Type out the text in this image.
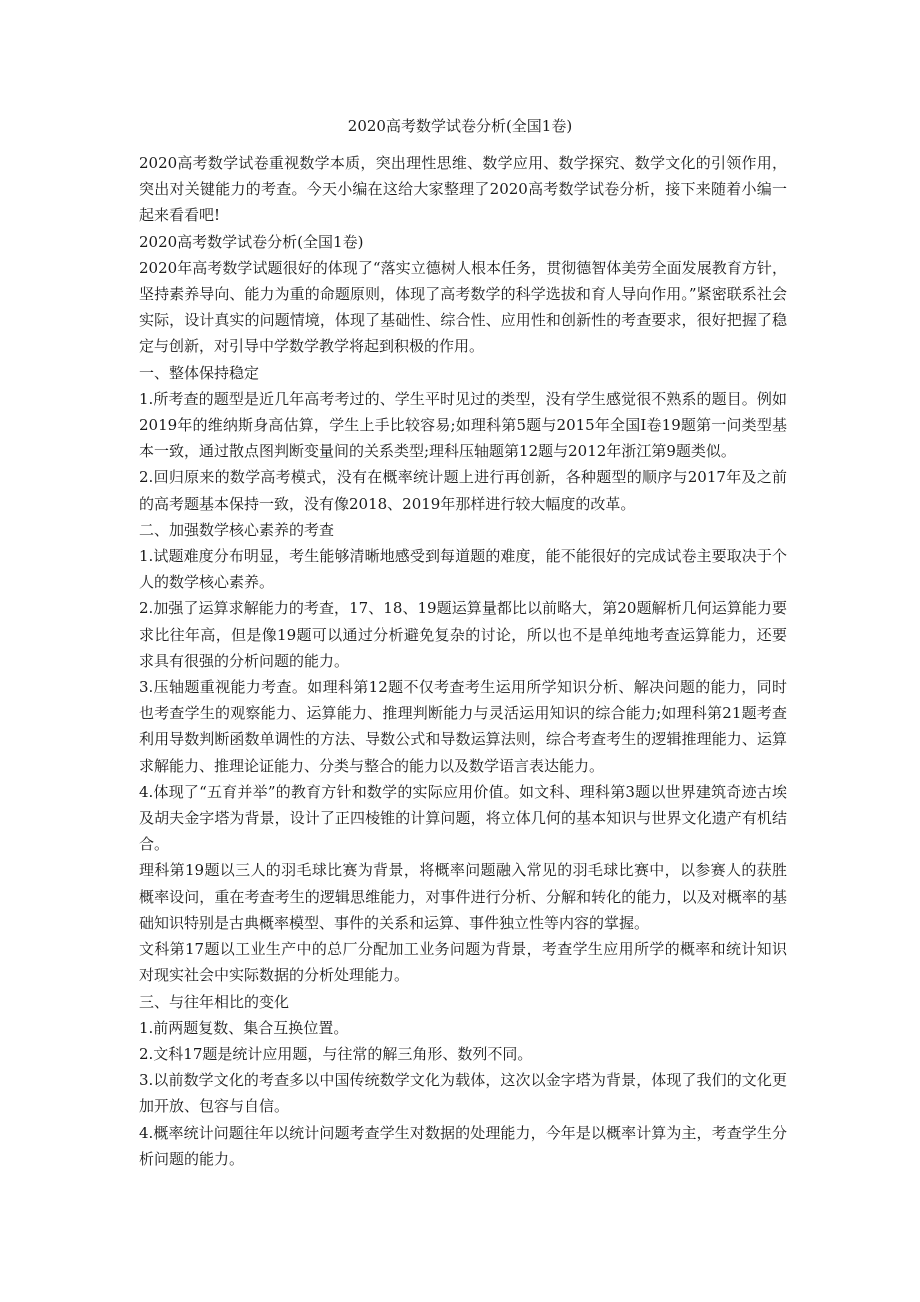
2020高考数学试卷分析(全国1卷)

2020高考数学试卷重视数学本质，突出理性思维、数学应用、数学探究、数学文化的引领作用，突出对关键能力的考查。今天小编在这给大家整理了2020高考数学试卷分析，接下来随着小编一起来看看吧!

2020高考数学试卷分析(全国1卷)

2020年高考数学试题很好的体现了“落实立德树人根本任务，贯彻德智体美劳全面发展教育方针，坚持素养导向、能力为重的命题原则，体现了高考数学的科学选拔和育人导向作用。”紧密联系社会实际，设计真实的问题情境，体现了基础性、综合性、应用性和创新性的考查要求，很好把握了稳定与创新，对引导中学数学教学将起到积极的作用。

一、整体保持稳定

1.所考查的题型是近几年高考考过的、学生平时见过的类型，没有学生感觉很不熟系的题目。例如2019年的维纳斯身高估算，学生上手比较容易;如理科第5题与2015年全国I卷19题第一问类型基本一致，通过散点图判断变量间的关系类型;理科压轴题第12题与2012年浙江第9题类似。

2.回归原来的数学高考模式，没有在概率统计题上进行再创新，各种题型的顺序与2017年及之前的高考题基本保持一致，没有像2018、2019年那样进行较大幅度的改革。

二、加强数学核心素养的考查

1.试题难度分布明显，考生能够清晰地感受到每道题的难度，能不能很好的完成试卷主要取决于个人的数学核心素养。

2.加强了运算求解能力的考查，17、18、19题运算量都比以前略大，第20题解析几何运算能力要求比往年高，但是像19题可以通过分析避免复杂的讨论，所以也不是单纯地考查运算能力，还要求具有很强的分析问题的能力。

3.压轴题重视能力考查。如理科第12题不仅考查考生运用所学知识分析、解决问题的能力，同时也考查学生的观察能力、运算能力、推理判断能力与灵活运用知识的综合能力;如理科第21题考查利用导数判断函数单调性的方法、导数公式和导数运算法则，综合考查考生的逻辑推理能力、运算求解能力、推理论证能力、分类与整合的能力以及数学语言表达能力。

4.体现了“五育并举”的教育方针和数学的实际应用价值。如文科、理科第3题以世界建筑奇迹古埃及胡夫金字塔为背景，设计了正四棱锥的计算问题，将立体几何的基本知识与世界文化遗产有机结合。

理科第19题以三人的羽毛球比赛为背景，将概率问题融入常见的羽毛球比赛中，以参赛人的获胜概率设问，重在考查考生的逻辑思维能力，对事件进行分析、分解和转化的能力，以及对概率的基础知识特别是古典概率模型、事件的关系和运算、事件独立性等内容的掌握。

文科第17题以工业生产中的总厂分配加工业务问题为背景，考查学生应用所学的概率和统计知识对现实社会中实际数据的分析处理能力。

三、与往年相比的变化

1.前两题复数、集合互换位置。

2.文科17题是统计应用题，与往常的解三角形、数列不同。

3.以前数学文化的考查多以中国传统数学文化为载体，这次以金字塔为背景，体现了我们的文化更加开放、包容与自信。

4.概率统计问题往年以统计问题考查学生对数据的处理能力，今年是以概率计算为主，考查学生分析问题的能力。
